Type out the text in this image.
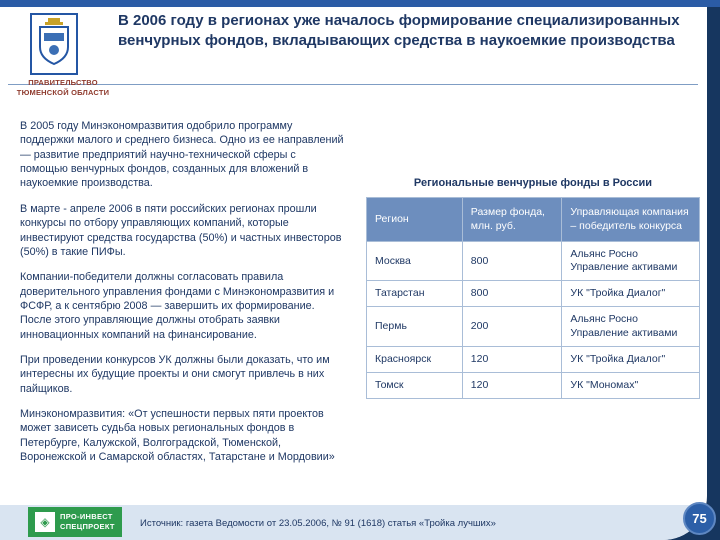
ПРАВИТЕЛЬСТВО ТЮМЕНСКОЙ ОБЛАСТИ
В 2006 году в регионах уже началось формирование специализированных венчурных фондов, вкладывающих средства в наукоемкие производства

В 2005 году Минэкономразвития одобрило программу поддержки малого и среднего бизнеса. Одно из ее направлений — развитие предприятий научно-технической сферы с помощью венчурных фондов, созданных для вложений в наукоемкие производства.

В марте - апреле 2006 в пяти российских регионах прошли конкурсы по отбору управляющих компаний, которые инвестируют средства государства (50%) и частных инвесторов (50%) в такие ПИФы.

Компании-победители должны согласовать правила доверительного управления фондами с Минэкономразвития и ФСФР, а к сентябрю 2008 — завершить их формирование. После этого управляющие должны отобрать заявки инновационных компаний на финансирование.

При проведении конкурсов УК должны были доказать, что им интересны их будущие проекты и они смогут привлечь в них пайщиков.

Минэкономразвития: «От успешности первых пяти проектов может зависеть судьба новых региональных фондов в Петербурге, Калужской, Волгоградской, Тюменской, Воронежской и Самарской областях, Татарстане и Мордовии»

Региональные венчурные фонды в России
Регион	Размер фонда, млн. руб.	Управляющая компания – победитель конкурса
Москва	800	Альянс Росно Управление активами
Татарстан	800	УК "Тройка Диалог"
Пермь	200	Альянс Росно Управление активами
Красноярск	120	УК "Тройка Диалог"
Томск	120	УК "Мономах"
Источник: газета Ведомости от 23.05.2006, № 91 (1618) статья «Тройка лучших»
◈	ПРО-ИНВЕСТ
СПЕЦПРОЕКТ
75
